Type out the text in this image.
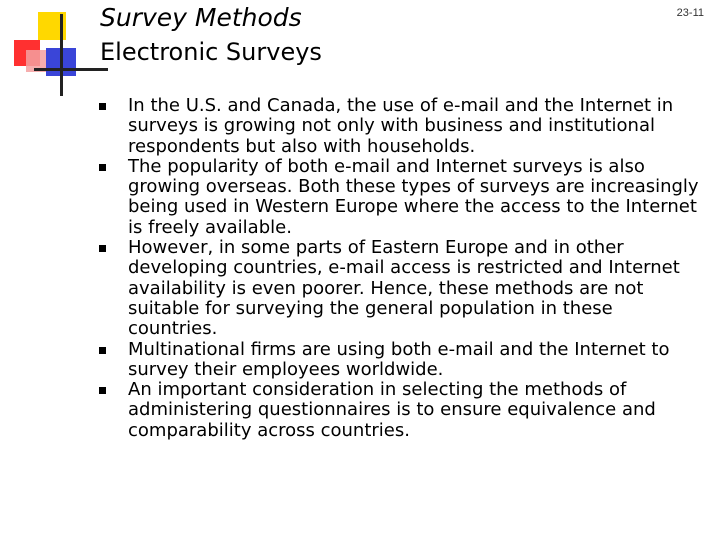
Survey Methods	23-11
Electronic Surveys
In the U.S. and Canada, the use of e-mail and the Internet in surveys is growing not only with business and institutional respondents but also with households.
The popularity of both e-mail and Internet surveys is also growing overseas. Both these types of surveys are increasingly being used in Western Europe where the access to the Internet is freely available.
However, in some parts of Eastern Europe and in other developing countries, e-mail access is restricted and Internet availability is even poorer. Hence, these methods are not suitable for surveying the general population in these countries.
Multinational firms are using both e-mail and the Internet to survey their employees worldwide.
An important consideration in selecting the methods of administering questionnaires is to ensure equivalence and comparability across countries.
